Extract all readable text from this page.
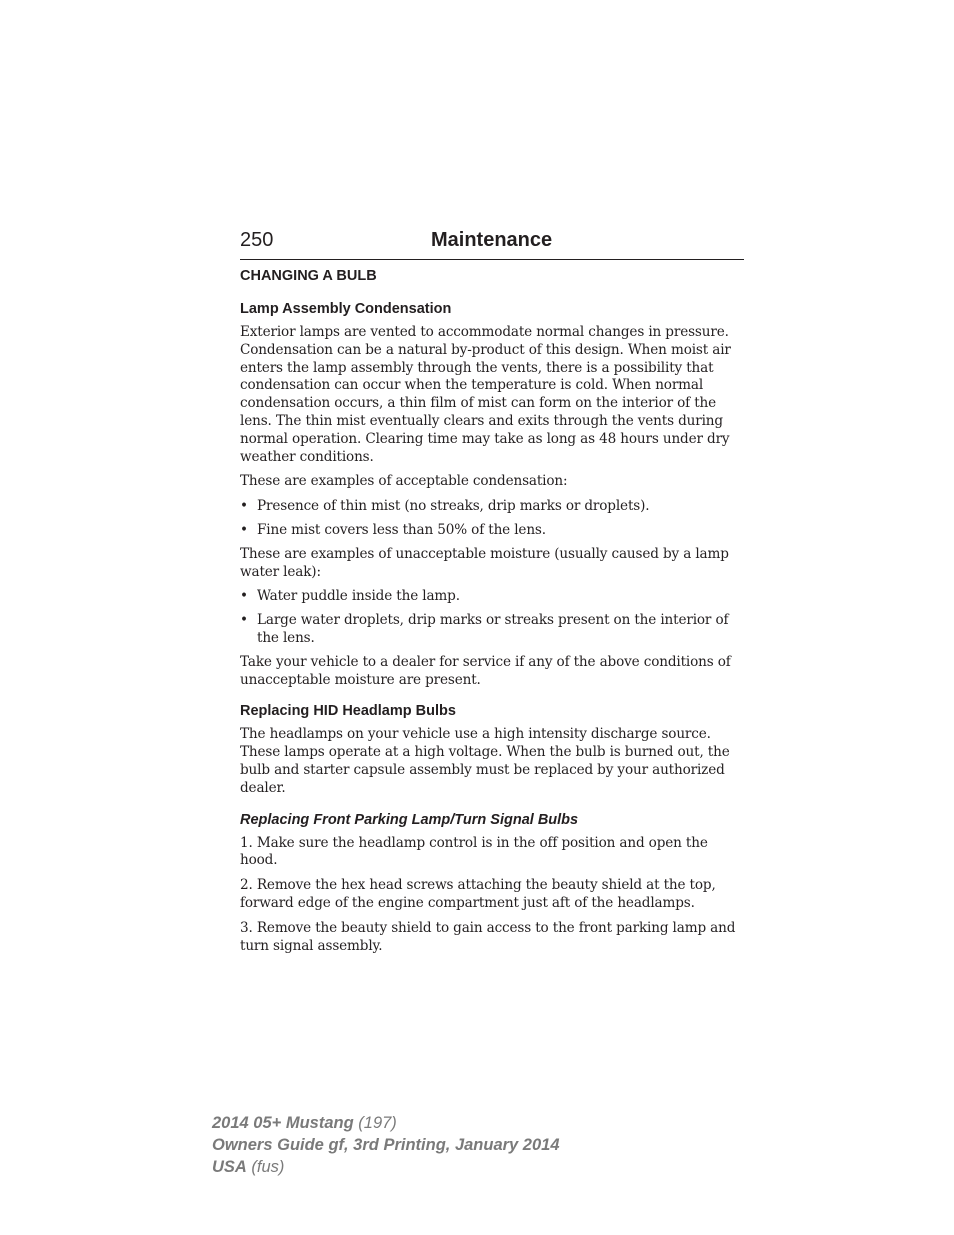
250	Maintenance
CHANGING A BULB
Lamp Assembly Condensation

Exterior lamps are vented to accommodate normal changes in pressure. Condensation can be a natural by-product of this design. When moist air enters the lamp assembly through the vents, there is a possibility that condensation can occur when the temperature is cold. When normal condensation occurs, a thin film of mist can form on the interior of the lens. The thin mist eventually clears and exits through the vents during normal operation. Clearing time may take as long as 48 hours under dry weather conditions.

These are examples of acceptable condensation:

• Presence of thin mist (no streaks, drip marks or droplets).
• Fine mist covers less than 50% of the lens.

These are examples of unacceptable moisture (usually caused by a lamp water leak):

• Water puddle inside the lamp.
• Large water droplets, drip marks or streaks present on the interior of the lens.

Take your vehicle to a dealer for service if any of the above conditions of unacceptable moisture are present.

Replacing HID Headlamp Bulbs

The headlamps on your vehicle use a high intensity discharge source. These lamps operate at a high voltage. When the bulb is burned out, the bulb and starter capsule assembly must be replaced by your authorized dealer.

Replacing Front Parking Lamp/Turn Signal Bulbs

1. Make sure the headlamp control is in the off position and open the hood.

2. Remove the hex head screws attaching the beauty shield at the top, forward edge of the engine compartment just aft of the headlamps.

3. Remove the beauty shield to gain access to the front parking lamp and turn signal assembly.

2014 05+ Mustang (197)
Owners Guide gf, 3rd Printing, January 2014
USA (fus)
